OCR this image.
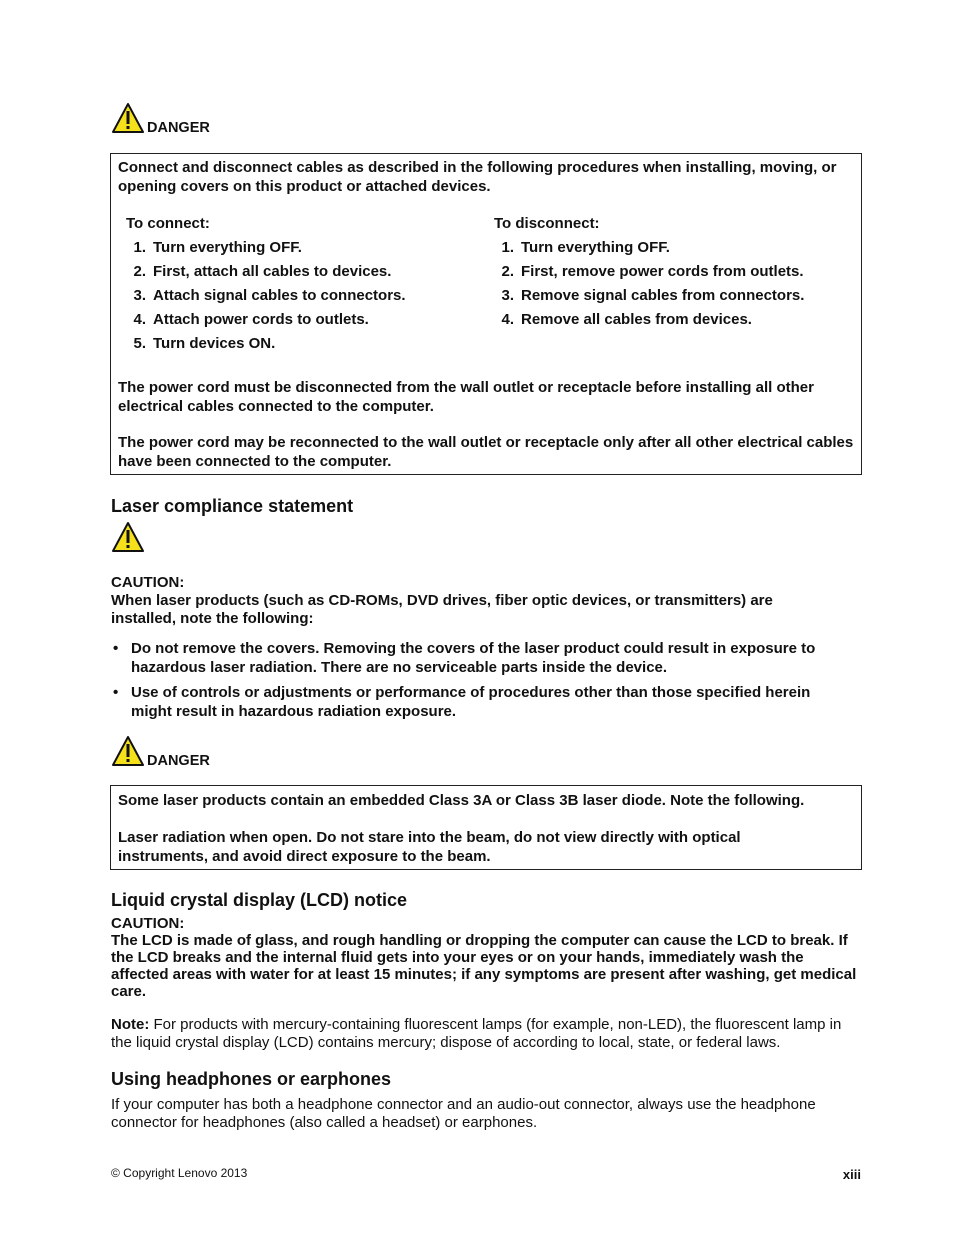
DANGER
Connect and disconnect cables as described in the following procedures when installing, moving, or opening covers on this product or attached devices.
To connect:
1. Turn everything OFF.
2. First, attach all cables to devices.
3. Attach signal cables to connectors.
4. Attach power cords to outlets.
5. Turn devices ON.
To disconnect:
1. Turn everything OFF.
2. First, remove power cords from outlets.
3. Remove signal cables from connectors.
4. Remove all cables from devices.
The power cord must be disconnected from the wall outlet or receptacle before installing all other electrical cables connected to the computer.
The power cord may be reconnected to the wall outlet or receptacle only after all other electrical cables have been connected to the computer.
Laser compliance statement
CAUTION:
When laser products (such as CD-ROMs, DVD drives, fiber optic devices, or transmitters) are installed, note the following:
• Do not remove the covers. Removing the covers of the laser product could result in exposure to hazardous laser radiation. There are no serviceable parts inside the device.
• Use of controls or adjustments or performance of procedures other than those specified herein might result in hazardous radiation exposure.
DANGER
Some laser products contain an embedded Class 3A or Class 3B laser diode. Note the following.
Laser radiation when open. Do not stare into the beam, do not view directly with optical instruments, and avoid direct exposure to the beam.
Liquid crystal display (LCD) notice
CAUTION:
The LCD is made of glass, and rough handling or dropping the computer can cause the LCD to break. If the LCD breaks and the internal fluid gets into your eyes or on your hands, immediately wash the affected areas with water for at least 15 minutes; if any symptoms are present after washing, get medical care.
Note: For products with mercury-containing fluorescent lamps (for example, non-LED), the fluorescent lamp in the liquid crystal display (LCD) contains mercury; dispose of according to local, state, or federal laws.
Using headphones or earphones
If your computer has both a headphone connector and an audio-out connector, always use the headphone connector for headphones (also called a headset) or earphones.
© Copyright Lenovo 2013	xiii
